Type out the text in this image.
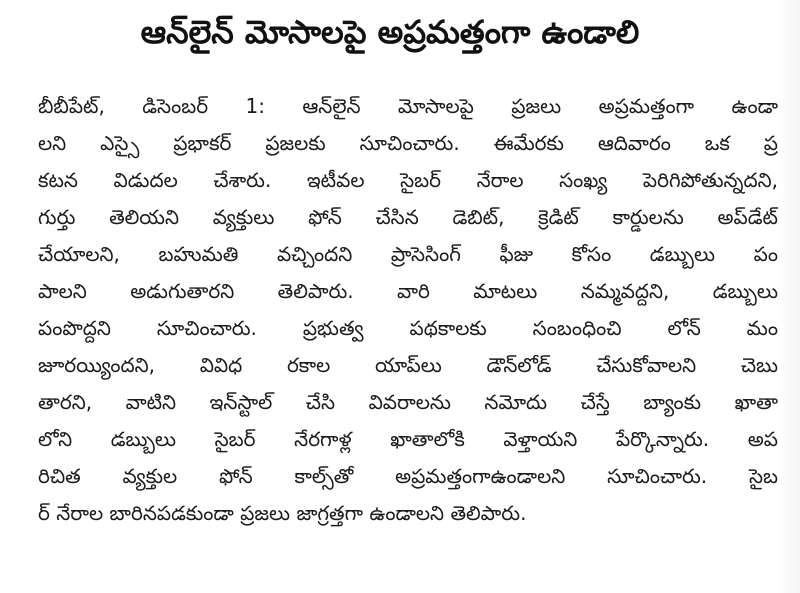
ఆన్‌లైన్ మోసాలపై అప్రమత్తంగా ఉండాలి
బీబీపేట్, డిసెంబర్ 1: ఆన్‌లైన్ మోసాలపై ప్రజలు అప్రమత్తంగా ఉండా
లని ఎస్సై ప్రభాకర్ ప్రజలకు సూచించారు. ఈమేరకు ఆదివారం ఒక ప్ర
కటన విడుదల చేశారు. ఇటీవల సైబర్ నేరాల సంఖ్య పెరిగిపోతున్నదని,
గుర్తు తెలియని వ్యక్తులు ఫోన్ చేసిన డెబిట్, క్రెడిట్ కార్డులను అప్‌డేట్
చేయాలని, బహుమతి వచ్చిందని ప్రాసెసింగ్ ఫీజు కోసం డబ్బులు పం
పాలని అడుగుతారని తెలిపారు. వారి మాటలు నమ్మవద్దని, డబ్బులు
పంపొద్దని సూచించారు. ప్రభుత్వ పథకాలకు సంబంధించి లోన్ మం
జూరయ్యిందని, వివిధ రకాల యాప్‌లు డౌన్‌లోడ్ చేసుకోవాలని చెబు
తారని, వాటిని ఇన్‌స్టాల్ చేసి వివరాలను నమోదు చేస్తే బ్యాంకు ఖాతా
లోని డబ్బులు సైబర్ నేరగాళ్ల ఖాతాలోకి వెళ్తాయని పేర్కొన్నారు. అప
రిచిత వ్యక్తుల ఫోన్ కాల్స్‌తో అప్రమత్తంగాఉండాలని సూచించారు. సైబ
ర్ నేరాల బారినపడకుండా ప్రజలు జాగ్రత్తగా ఉండాలని తెలిపారు.
